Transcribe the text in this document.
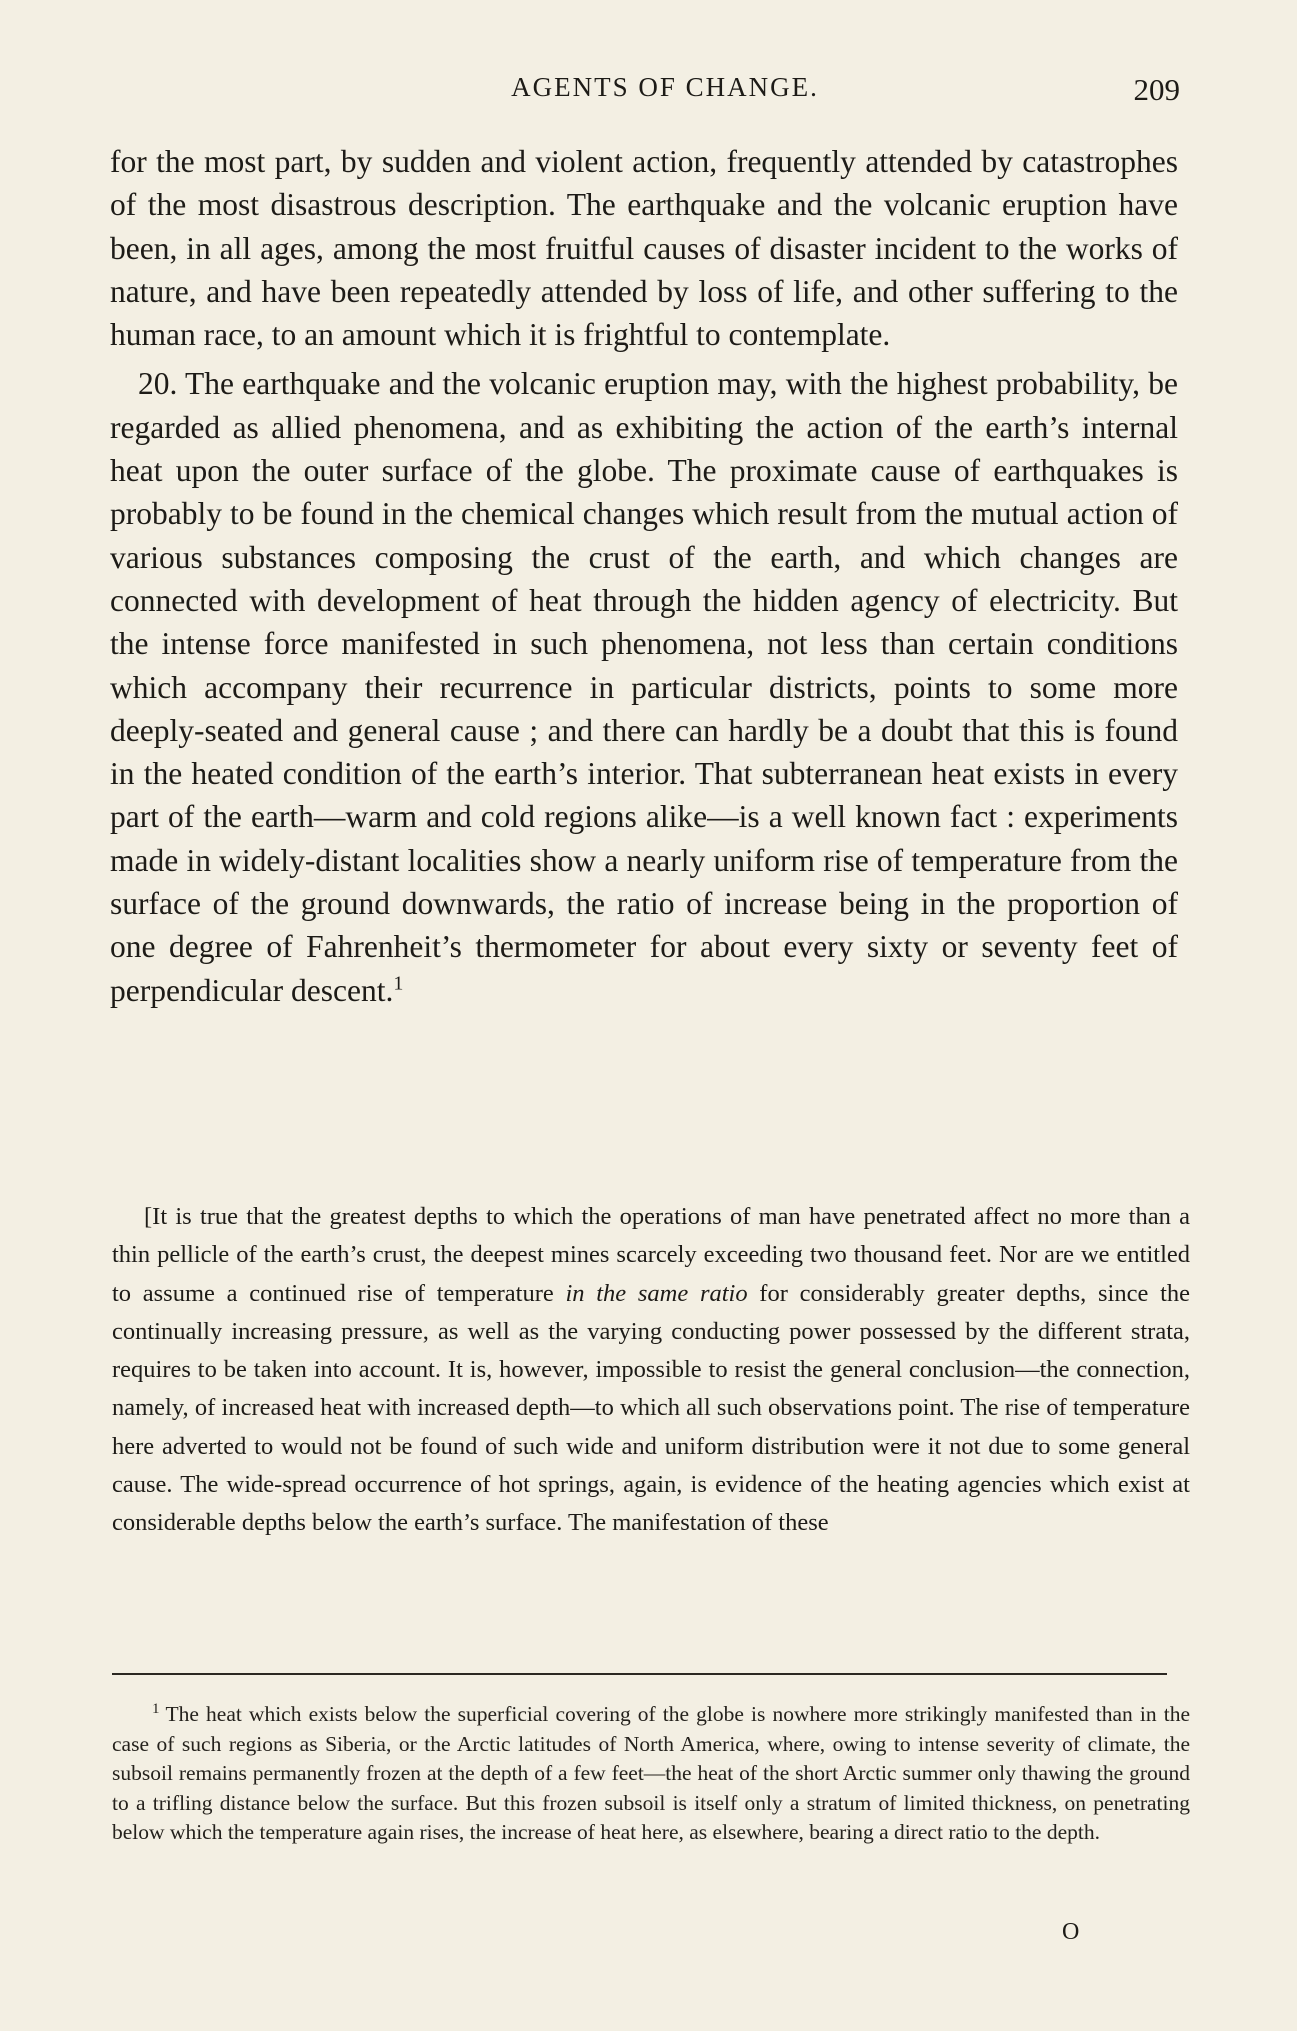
AGENTS OF CHANGE.	209

for the most part, by sudden and violent action, frequently attended by catastrophes of the most disastrous description. The earthquake and the volcanic eruption have been, in all ages, among the most fruitful causes of disaster incident to the works of nature, and have been repeatedly attended by loss of life, and other suffering to the human race, to an amount which it is frightful to contemplate.

20. The earthquake and the volcanic eruption may, with the highest probability, be regarded as allied phenomena, and as exhibiting the action of the earth’s internal heat upon the outer surface of the globe. The proximate cause of earthquakes is probably to be found in the chemical changes which result from the mutual action of various substances composing the crust of the earth, and which changes are connected with development of heat through the hidden agency of electricity. But the intense force manifested in such phenomena, not less than certain conditions which accompany their recurrence in particular districts, points to some more deeply-seated and general cause ; and there can hardly be a doubt that this is found in the heated condition of the earth’s interior. That subterranean heat exists in every part of the earth—warm and cold regions alike—is a well known fact : experiments made in widely-distant localities show a nearly uniform rise of temperature from the surface of the ground downwards, the ratio of increase being in the proportion of one degree of Fahrenheit’s thermometer for about every sixty or seventy feet of perpendicular descent.$^1$

[It is true that the greatest depths to which the operations of man have penetrated affect no more than a thin pellicle of the earth’s crust, the deepest mines scarcely exceeding two thousand feet. Nor are we entitled to assume a continued rise of temperature in the same ratio for considerably greater depths, since the continually increasing pressure, as well as the varying conducting power possessed by the different strata, requires to be taken into account. It is, however, impossible to resist the general conclusion—the connection, namely, of increased heat with increased depth—to which all such observations point. The rise of temperature here adverted to would not be found of such wide and uniform distribution were it not due to some general cause. The wide-spread occurrence of hot springs, again, is evidence of the heating agencies which exist at considerable depths below the earth’s surface. The manifestation of these

$^1$ The heat which exists below the superficial covering of the globe is nowhere more strikingly manifested than in the case of such regions as Siberia, or the Arctic latitudes of North America, where, owing to intense severity of climate, the subsoil remains permanently frozen at the depth of a few feet—the heat of the short Arctic summer only thawing the ground to a trifling distance below the surface. But this frozen subsoil is itself only a stratum of limited thickness, on penetrating below which the temperature again rises, the increase of heat here, as elsewhere, bearing a direct ratio to the depth.

O
